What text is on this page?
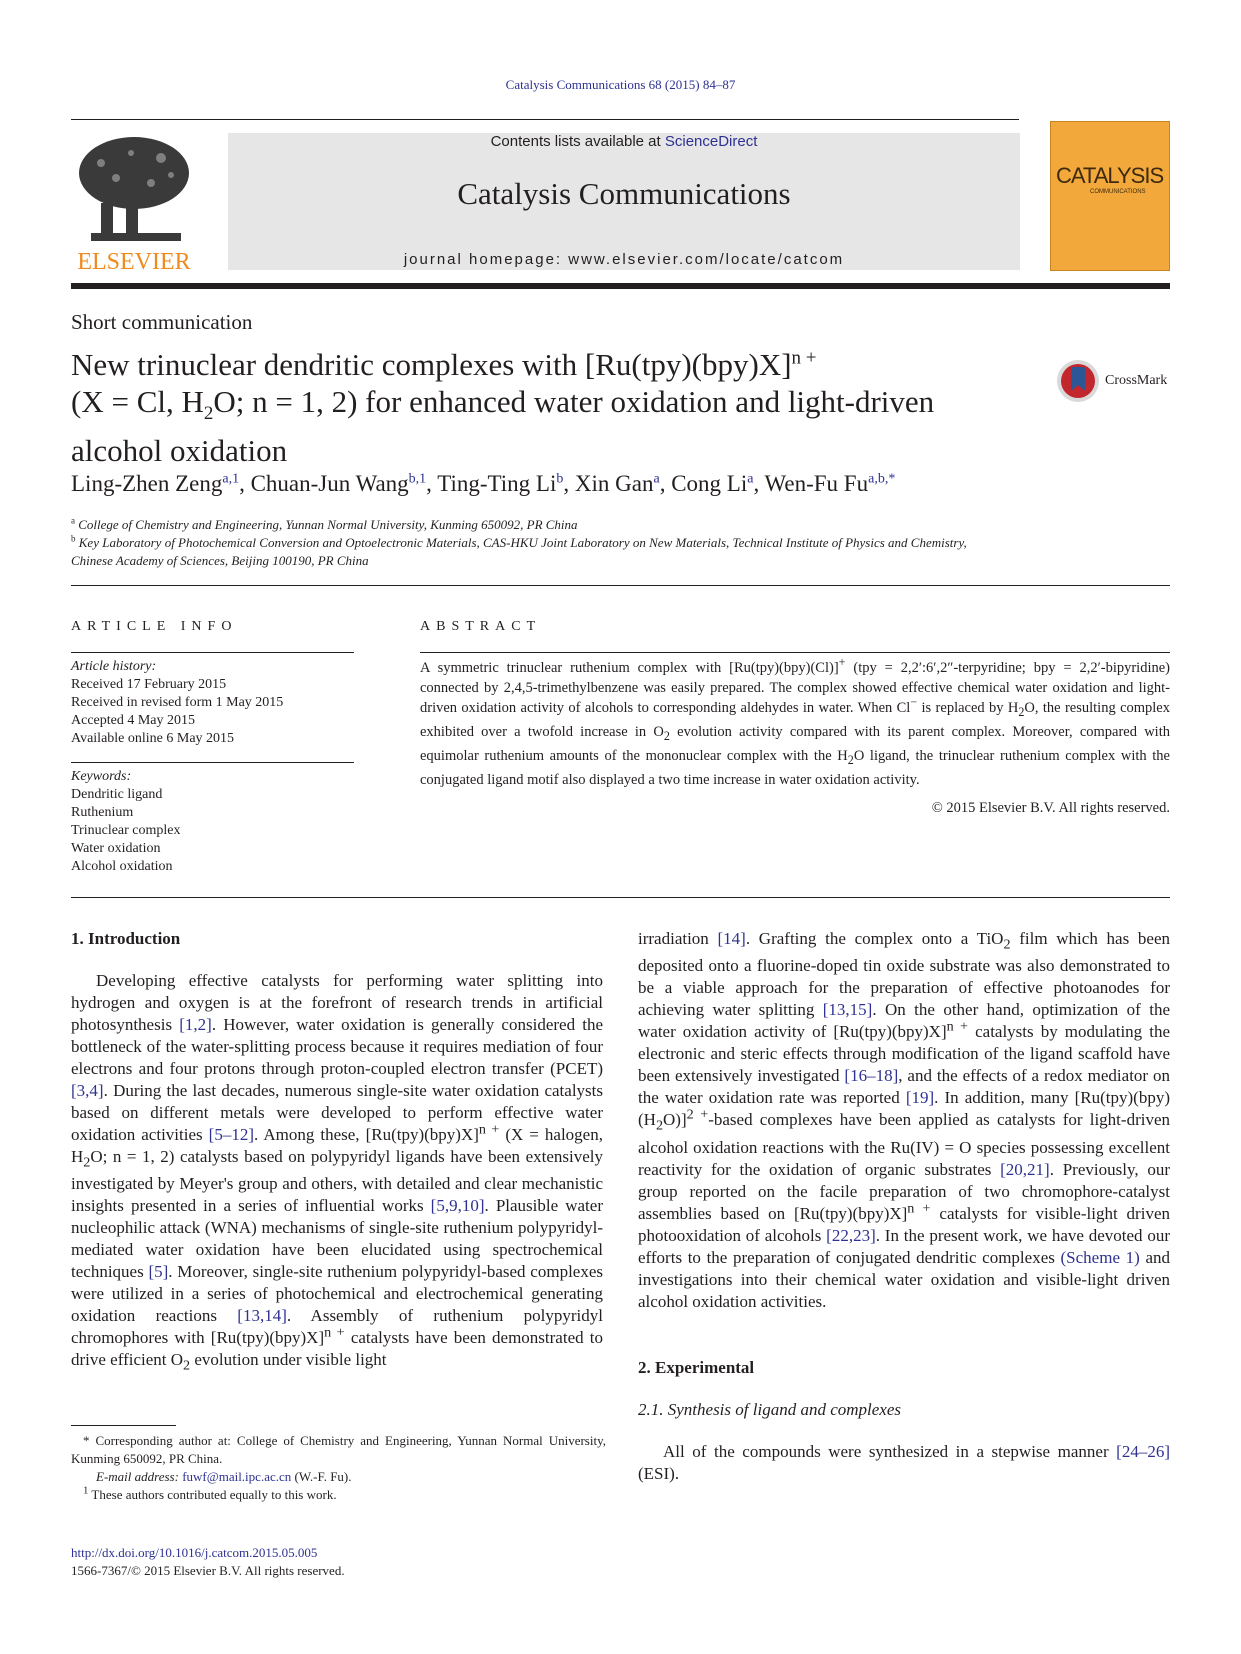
Catalysis Communications 68 (2015) 84–87
ELSEVIER
Contents lists available at ScienceDirect
Catalysis Communications
journal homepage: www.elsevier.com/locate/catcom
CATALYSIS
COMMUNICATIONS
Short communication
New trinuclear dendritic complexes with $[Ru(tpy)(bpy)X]^{n +}$
(X = Cl, $H_2O$; n = 1, 2) for enhanced water oxidation and light-driven
alcohol oxidation
CrossMark
Ling-Zhen Zeng$^{a,1}$, Chuan-Jun Wang$^{b,1}$, Ting-Ting Li$^b$, Xin Gan$^a$, Cong Li$^a$, Wen-Fu $Fu^{a,b,*}$
$^a$ College of Chemistry and Engineering, Yunnan Normal University, Kunming 650092, PR China
$^b$ Key Laboratory of Photochemical Conversion and Optoelectronic Materials, CAS-HKU Joint Laboratory on New Materials, Technical Institute of Physics and Chemistry,
Chinese Academy of Sciences, Beijing 100190, PR China
ARTICLE INFO
Article history:
Received 17 February 2015
Received in revised form 1 May 2015
Accepted 4 May 2015
Available online 6 May 2015
Keywords:
Dendritic ligand
Ruthenium
Trinuclear complex
Water oxidation
Alcohol oxidation
ABSTRACT
A symmetric trinuclear ruthenium complex with [Ru(tpy)(bpy)(Cl)]+ (tpy = 2,2′:6′,2″-terpyridine; bpy = 2,2′-bipyridine) connected by 2,4,5-trimethylbenzene was easily prepared. The complex showed effective chemical water oxidation and light-driven oxidation activity of alcohols to corresponding aldehydes in water. When Cl− is replaced by $H_2O$, the resulting complex exhibited over a twofold increase in $O_2$ evolution activity compared with its parent complex. Moreover, compared with equimolar ruthenium amounts of the mononuclear complex with the $H_2O$ ligand, the trinuclear ruthenium complex with the conjugated ligand motif also displayed a two time increase in water oxidation activity.
© 2015 Elsevier B.V. All rights reserved.

1. Introduction

Developing effective catalysts for performing water splitting into hydrogen and oxygen is at the forefront of research trends in artificial photosynthesis [1,2]. However, water oxidation is generally considered the bottleneck of the water-splitting process because it requires mediation of four electrons and four protons through proton-coupled electron transfer (PCET) [3,4]. During the last decades, numerous single-site water oxidation catalysts based on different metals were developed to perform effective water oxidation activities [5–12]. Among these, $[Ru(tpy)(bpy)X]^{n +}$ (X = halogen, $H_2O$; n = 1, 2) catalysts based on polypyridyl ligands have been extensively investigated by Meyer's group and others, with detailed and clear mechanistic insights presented in a series of influential works [5,9,10]. Plausible water nucleophilic attack (WNA) mechanisms of single-site ruthenium polypyridyl-mediated water oxidation have been elucidated using spectrochemical techniques [5]. Moreover, single-site ruthenium polypyridyl-based complexes were utilized in a series of photochemical and electrochemical generating oxidation reactions [13,14]. Assembly of ruthenium polypyridyl chromophores with $[Ru(tpy)(bpy)X]^{n +}$ catalysts have been demonstrated to drive efficient $O_2$ evolution under visible light

irradiation [14]. Grafting the complex onto a TiO$_2$ film which has been deposited onto a fluorine-doped tin oxide substrate was also demonstrated to be a viable approach for the preparation of effective photoanodes for achieving water splitting [13,15]. On the other hand, optimization of the water oxidation activity of $[Ru(tpy)(bpy)X]^{n +}$ catalysts by modulating the electronic and steric effects through modification of the ligand scaffold have been extensively investigated [16–18], and the effects of a redox mediator on the water oxidation rate was reported [19]. In addition, many $[Ru(tpy)(bpy)(H_2O)]^{2 +}$-based complexes have been applied as catalysts for light-driven alcohol oxidation reactions with the Ru(IV) = O species possessing excellent reactivity for the oxidation of organic substrates [20,21]. Previously, our group reported on the facile preparation of two chromophore-catalyst assemblies based on $[Ru(tpy)(bpy)X]^{n +}$ catalysts for visible-light driven photooxidation of alcohols [22,23]. In the present work, we have devoted our efforts to the preparation of conjugated dendritic complexes (Scheme 1) and investigations into their chemical water oxidation and visible-light driven alcohol oxidation activities.

2. Experimental

2.1. Synthesis of ligand and complexes

All of the compounds were synthesized in a stepwise manner [24–26] (ESI).

* Corresponding author at: College of Chemistry and Engineering, Yunnan Normal University, Kunming 650092, PR China.
E-mail address: fuwf@mail.ipc.ac.cn (W.-F. Fu).
$^1$ These authors contributed equally to this work.
http://dx.doi.org/10.1016/j.catcom.2015.05.005
1566-7367/© 2015 Elsevier B.V. All rights reserved.
